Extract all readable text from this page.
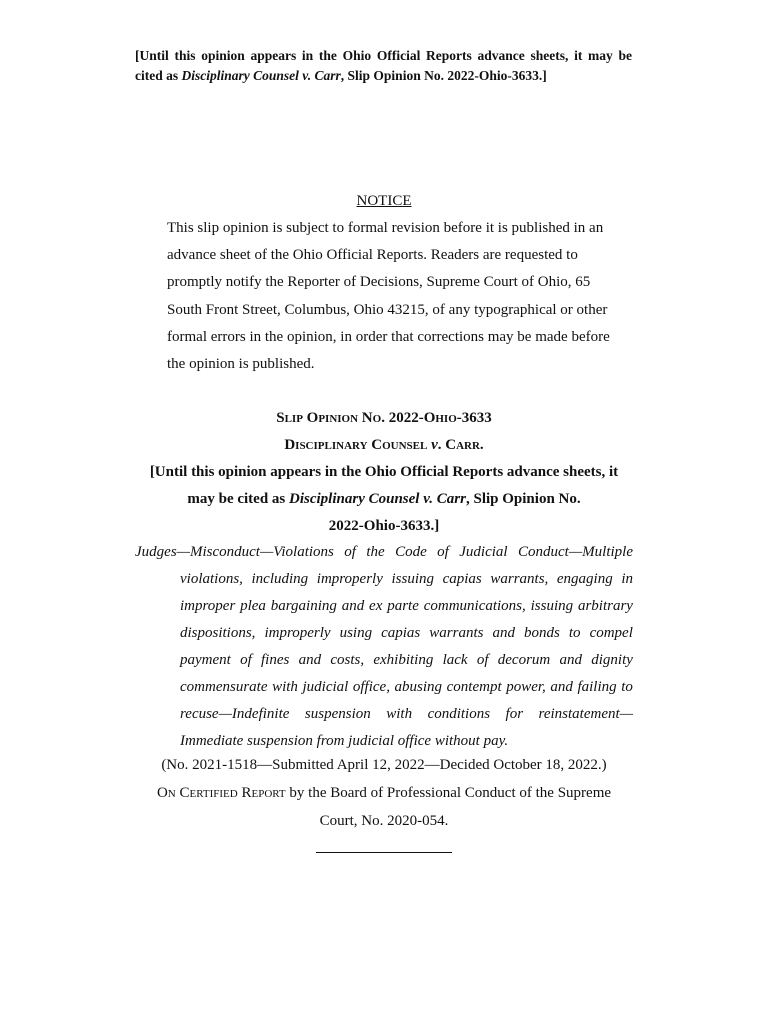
[Until this opinion appears in the Ohio Official Reports advance sheets, it may be cited as Disciplinary Counsel v. Carr, Slip Opinion No. 2022-Ohio-3633.]
NOTICE
This slip opinion is subject to formal revision before it is published in an
advance sheet of the Ohio Official Reports. Readers are requested to
promptly notify the Reporter of Decisions, Supreme Court of Ohio, 65
South Front Street, Columbus, Ohio 43215, of any typographical or other
formal errors in the opinion, in order that corrections may be made before
the opinion is published.
Slip Opinion No. 2022-Ohio-3633
Disciplinary Counsel v. Carr.
[Until this opinion appears in the Ohio Official Reports advance sheets, it
may be cited as Disciplinary Counsel v. Carr, Slip Opinion No.
2022-Ohio-3633.]
Judges—Misconduct—Violations of the Code of Judicial Conduct—Multiple
violations, including improperly issuing capias warrants, engaging in
improper plea bargaining and ex parte communications, issuing arbitrary
dispositions, improperly using capias warrants and bonds to compel
payment of fines and costs, exhibiting lack of decorum and dignity
commensurate with judicial office, abusing contempt power, and failing to
recuse—Indefinite suspension with conditions for reinstatement—
Immediate suspension from judicial office without pay.
(No. 2021-1518—Submitted April 12, 2022—Decided October 18, 2022.)
On Certified Report by the Board of Professional Conduct of the Supreme
Court, No. 2020-054.
